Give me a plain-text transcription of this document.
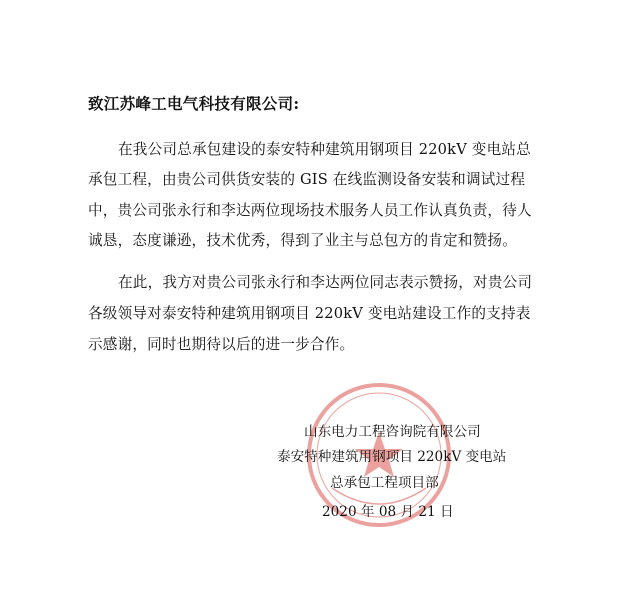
致江苏峰工电气科技有限公司:
在我公司总承包建设的泰安特种建筑用钢项目 220kV 变电站总
承包工程，由贵公司供货安装的 GIS 在线监测设备安装和调试过程
中，贵公司张永行和李达两位现场技术服务人员工作认真负责，待人
诚恳，态度谦逊，技术优秀，得到了业主与总包方的肯定和赞扬。
在此，我方对贵公司张永行和李达两位同志表示赞扬，对贵公司
各级领导对泰安特种建筑用钢项目 220kV 变电站建设工作的支持表
示感谢，同时也期待以后的进一步合作。
山东电力工程咨询院有限公司
泰安特种建筑用钢项目 220kV 变电站
总承包工程项目部
2020 年 08 月 21 日
